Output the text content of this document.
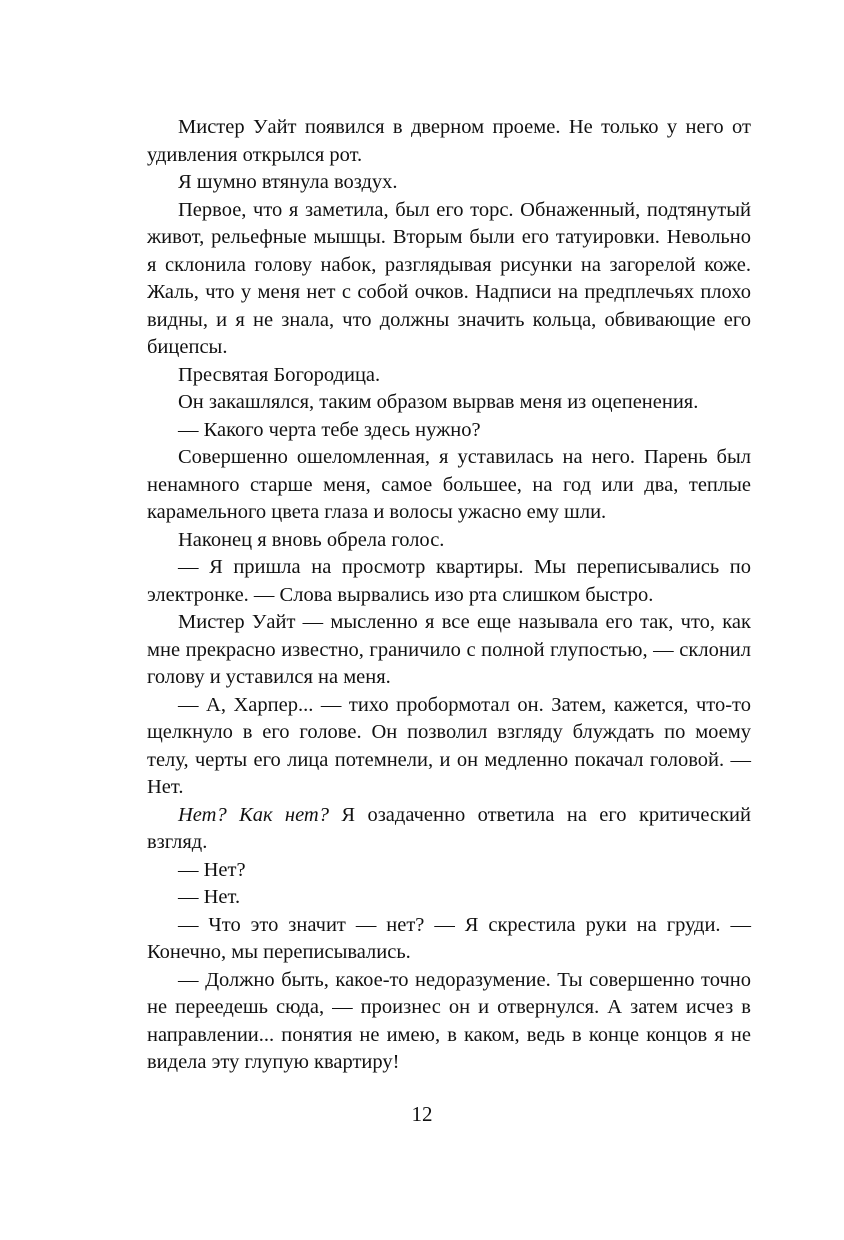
Мистер Уайт появился в дверном проеме. Не только у него от удивления открылся рот.

Я шумно втянула воздух.

Первое, что я заметила, был его торс. Обнаженный, подтянутый живот, рельефные мышцы. Вторым были его татуировки. Невольно я склонила голову набок, разглядывая рисунки на загорелой коже. Жаль, что у меня нет с собой очков. Надписи на предплечьях плохо видны, и я не знала, что должны значить кольца, обвивающие его бицепсы.

Пресвятая Богородица.

Он закашлялся, таким образом вырвав меня из оцепенения.

— Какого черта тебе здесь нужно?

Совершенно ошеломленная, я уставилась на него. Парень был ненамного старше меня, самое большее, на год или два, теплые карамельного цвета глаза и волосы ужасно ему шли.

Наконец я вновь обрела голос.

— Я пришла на просмотр квартиры. Мы переписывались по электронке. — Слова вырвались изо рта слишком быстро.

Мистер Уайт — мысленно я все еще называла его так, что, как мне прекрасно известно, граничило с полной глупостью, — склонил голову и уставился на меня.

— А, Харпер... — тихо пробормотал он. Затем, кажется, что-то щелкнуло в его голове. Он позволил взгляду блуждать по моему телу, черты его лица потемнели, и он медленно покачал головой. — Нет.

Нет? Как нет? Я озадаченно ответила на его критический взгляд.

— Нет?

— Нет.

— Что это значит — нет? — Я скрестила руки на груди. — Конечно, мы переписывались.

— Должно быть, какое-то недоразумение. Ты совершенно точно не переедешь сюда, — произнес он и отвернулся. А затем исчез в направлении... понятия не имею, в каком, ведь в конце концов я не видела эту глупую квартиру!

12
